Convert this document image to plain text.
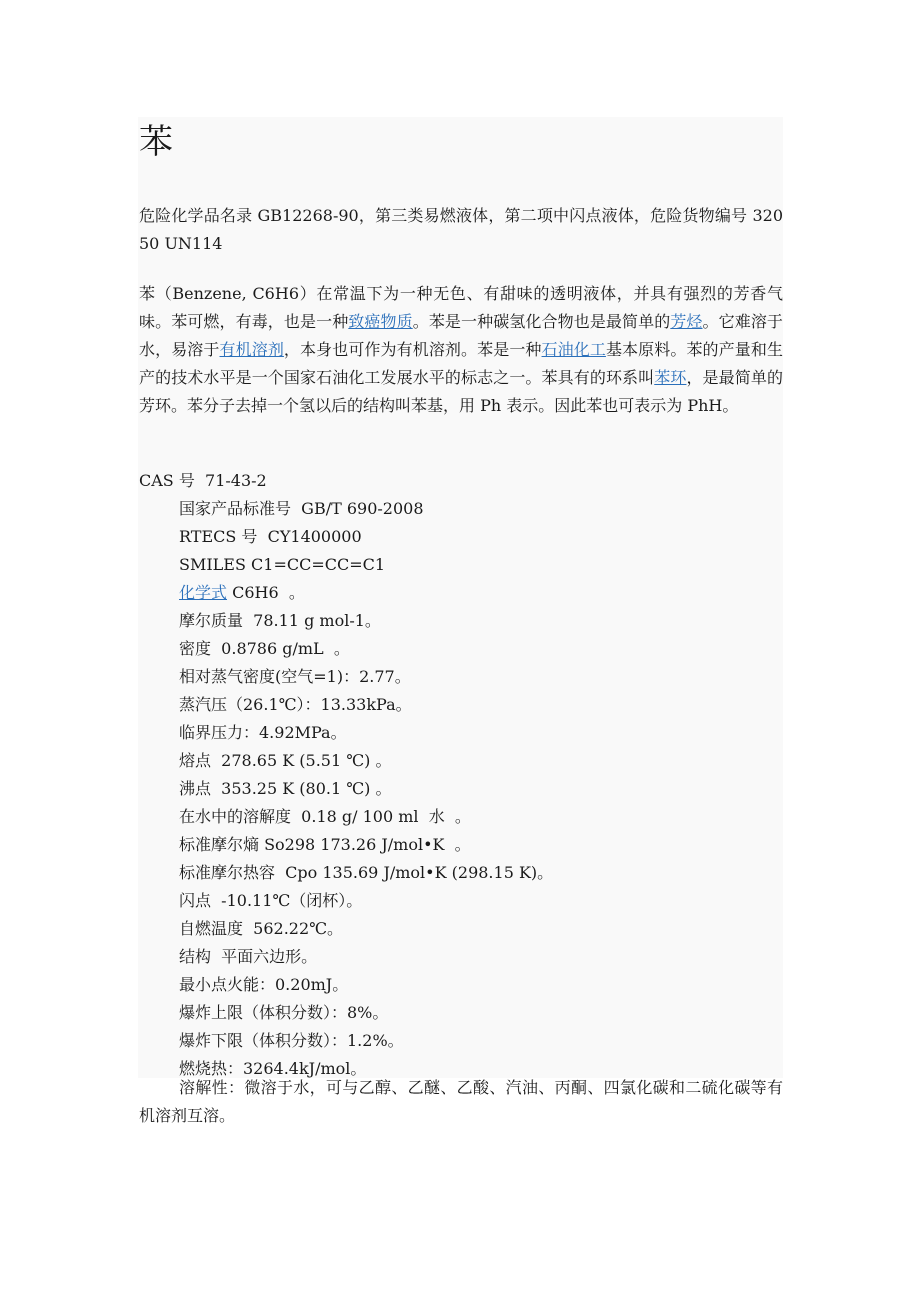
苯

危险化学品名录 GB12268-90，第三类易燃液体，第二项中闪点液体，危险货物编号 32050 UN114

苯（Benzene, C6H6）在常温下为一种无色、有甜味的透明液体，并具有强烈的芳香气味。苯可燃，有毒，也是一种致癌物质。苯是一种碳氢化合物也是最简单的芳烃。它难溶于水，易溶于有机溶剂，本身也可作为有机溶剂。苯是一种石油化工基本原料。苯的产量和生产的技术水平是一个国家石油化工发展水平的标志之一。苯具有的环系叫苯环，是最简单的芳环。苯分子去掉一个氢以后的结构叫苯基，用 Ph 表示。因此苯也可表示为 PhH。

CAS 号  71-43-2

国家产品标准号  GB/T 690-2008
RTECS 号  CY1400000
SMILES C1=CC=CC=C1
化学式 C6H6  。
摩尔质量  78.11 g mol-1。
密度  0.8786 g/mL  。
相对蒸气密度(空气=1)：2.77。
蒸汽压（26.1℃）：13.33kPa。
临界压力：4.92MPa。
熔点  278.65 K (5.51 ℃) 。
沸点  353.25 K (80.1 ℃) 。
在水中的溶解度  0.18 g/ 100 ml  水  。
标准摩尔熵 So298 173.26 J/mol•K  。
标准摩尔热容  Cpo 135.69 J/mol•K (298.15 K)。
闪点  -10.11℃（闭杯）。
自燃温度  562.22℃。
结构  平面六边形。
最小点火能：0.20mJ。
爆炸上限（体积分数）：8%。
爆炸下限（体积分数）：1.2%。
燃烧热：3264.4kJ/mol。

溶解性：微溶于水，可与乙醇、乙醚、乙酸、汽油、丙酮、四氯化碳和二硫化碳等有机溶剂互溶。
